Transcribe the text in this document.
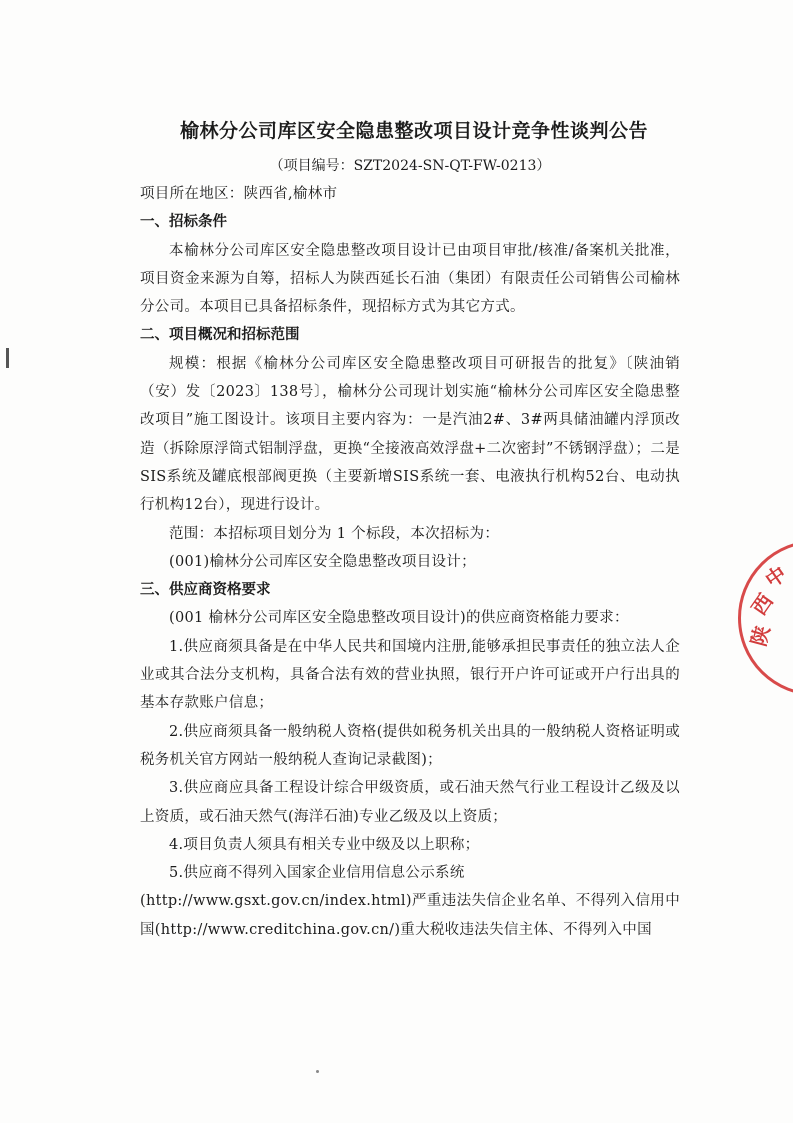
榆林分公司库区安全隐患整改项目设计竞争性谈判公告
（项目编号：SZT2024-SN-QT-FW-0213）

项目所在地区：陕西省,榆林市

一、招标条件

本榆林分公司库区安全隐患整改项目设计已由项目审批/核准/备案机关批准，项目资金来源为自筹，招标人为陕西延长石油（集团）有限责任公司销售公司榆林分公司。本项目已具备招标条件，现招标方式为其它方式。

二、项目概况和招标范围

规模：根据《榆林分公司库区安全隐患整改项目可研报告的批复》〔陕油销（安）发〔2023〕138号〕，榆林分公司现计划实施“榆林分公司库区安全隐患整改项目”施工图设计。该项目主要内容为：一是汽油2#、3#两具储油罐内浮顶改造（拆除原浮筒式铝制浮盘，更换“全接液高效浮盘+二次密封”不锈钢浮盘）；二是SIS系统及罐底根部阀更换（主要新增SIS系统一套、电液执行机构52台、电动执行机构12台），现进行设计。

范围：本招标项目划分为 1 个标段，本次招标为：

(001)榆林分公司库区安全隐患整改项目设计；

三、供应商资格要求

(001 榆林分公司库区安全隐患整改项目设计)的供应商资格能力要求：

1.供应商须具备是在中华人民共和国境内注册,能够承担民事责任的独立法人企业或其合法分支机构，具备合法有效的营业执照，银行开户许可证或开户行出具的基本存款账户信息；

2.供应商须具备一般纳税人资格(提供如税务机关出具的一般纳税人资格证明或税务机关官方网站一般纳税人查询记录截图)；

3.供应商应具备工程设计综合甲级资质，或石油天然气行业工程设计乙级及以上资质，或石油天然气(海洋石油)专业乙级及以上资质；

4.项目负责人须具有相关专业中级及以上职称；

5.供应商不得列入国家企业信用信息公示系统

(http://www.gsxt.gov.cn/index.html)严重违法失信企业名单、不得列入信用中国(http://www.creditchina.gov.cn/)重大税收违法失信主体、不得列入中国

陕
西
中
